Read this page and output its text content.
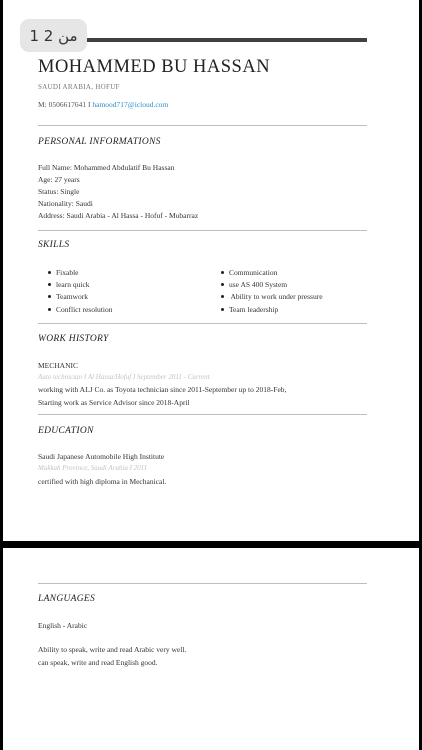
1 من 2
MOHAMMED BU HASSAN
SAUDI ARABIA, HOFUF
M: 0506617641 I hamood717@icloud.com
PERSONAL INFORMATIONS
Full Name: Mohammed Abdulatif Bu Hassan
Age: 27 years
Status: Single
Nationality: Saudi
Address: Saudi Arabia - Al Hassa - Hofuf - Mubarraz
SKILLS
Fixable
learn quick
Teamwork
Conflict resolution
Communication
use AS 400 System
Ability to work under pressure
Team leadership
WORK HISTORY
MECHANIC
Auto technician I Al Hassa/Hofuf I September 2011 - Current
working with ALJ Co. as Toyota technician since 2011-September up to 2018-Feb,
Starting work as Service Advisor since 2018-April
EDUCATION
Saudi Japanese Automobile High Institute
Makkah Province, Saudi Arabia I 2011
certified with high diploma in Mechanical.
LANGUAGES
English - Arabic
Ability to speak, write and read Arabic very well.
can speak, write and read English good.
